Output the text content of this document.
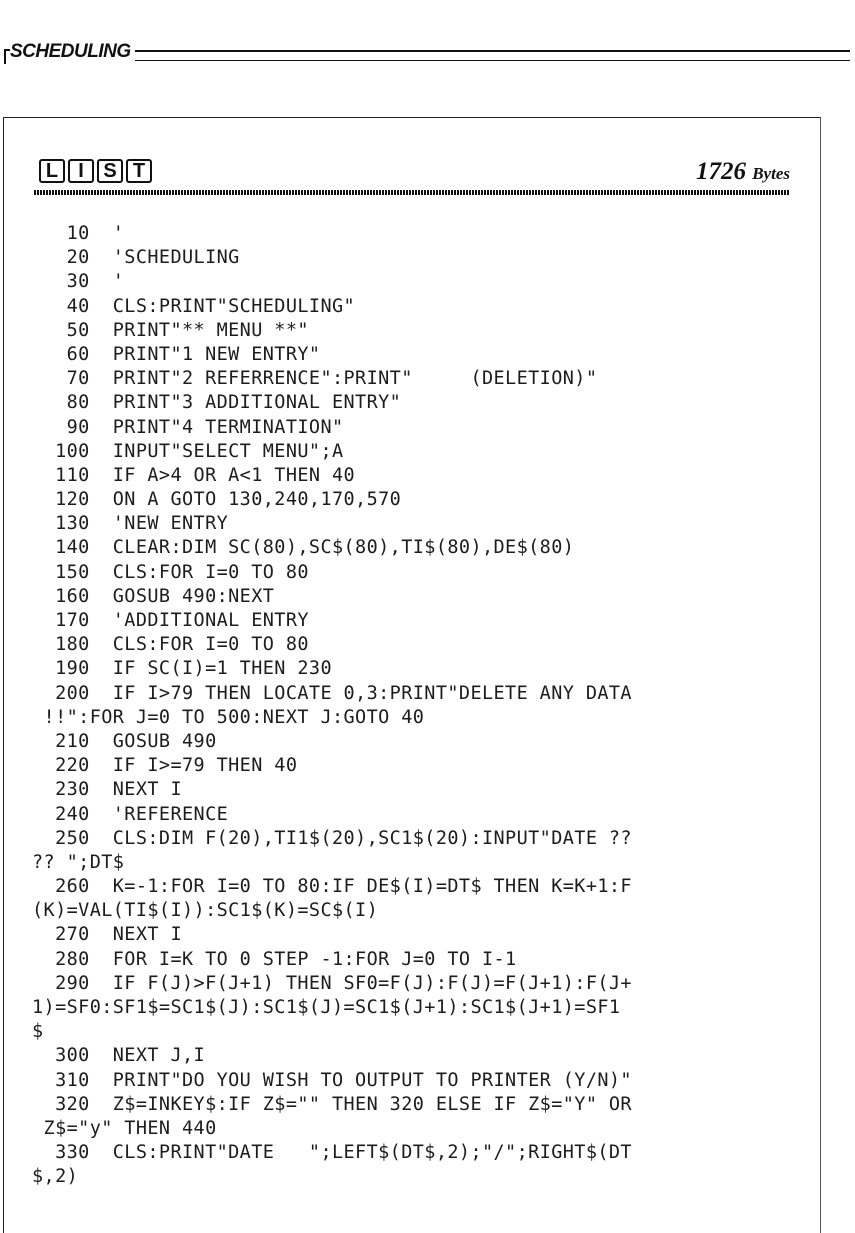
SCHEDULING
L	I S T	1726 Bytes
10  '
20  'SCHEDULING
30  '
40  CLS:PRINT"SCHEDULING"
50  PRINT"** MENU **"
60  PRINT"1 NEW ENTRY"
70  PRINT"2 REFERRENCE":PRINT"     (DELETION)"
80  PRINT"3 ADDITIONAL ENTRY"
90  PRINT"4 TERMINATION"
100  INPUT"SELECT MENU";A
110  IF A>4 OR A<1 THEN 40
120  ON A GOTO 130,240,170,570
130  'NEW ENTRY
140  CLEAR:DIM SC(80),SC$(80),TI$(80),DE$(80)
150  CLS:FOR I=0 TO 80
160  GOSUB 490:NEXT
170  'ADDITIONAL ENTRY
180  CLS:FOR I=0 TO 80
190  IF SC(I)=1 THEN 230
200  IF I>79 THEN LOCATE 0,3:PRINT"DELETE ANY DATA
!!":FOR J=0 TO 500:NEXT J:GOTO 40
210  GOSUB 490
220  IF I>=79 THEN 40
230  NEXT I
240  'REFERENCE
250  CLS:DIM F(20),TI1$(20),SC1$(20):INPUT"DATE ??
?? ";DT$
260  K=-1:FOR I=0 TO 80:IF DE$(I)=DT$ THEN K=K+1:F
(K)=VAL(TI$(I)):SC1$(K)=SC$(I)
270  NEXT I
280  FOR I=K TO 0 STEP -1:FOR J=0 TO I-1
290  IF F(J)>F(J+1) THEN SF0=F(J):F(J)=F(J+1):F(J+
1)=SF0:SF1$=SC1$(J):SC1$(J)=SC1$(J+1):SC1$(J+1)=SF1
$
300  NEXT J,I
310  PRINT"DO YOU WISH TO OUTPUT TO PRINTER (Y/N)"
320  Z$=INKEY$:IF Z$="" THEN 320 ELSE IF Z$="Y" OR
Z$="y" THEN 440
330  CLS:PRINT"DATE   ";LEFT$(DT$,2);"/";RIGHT$(DT
$,2)
